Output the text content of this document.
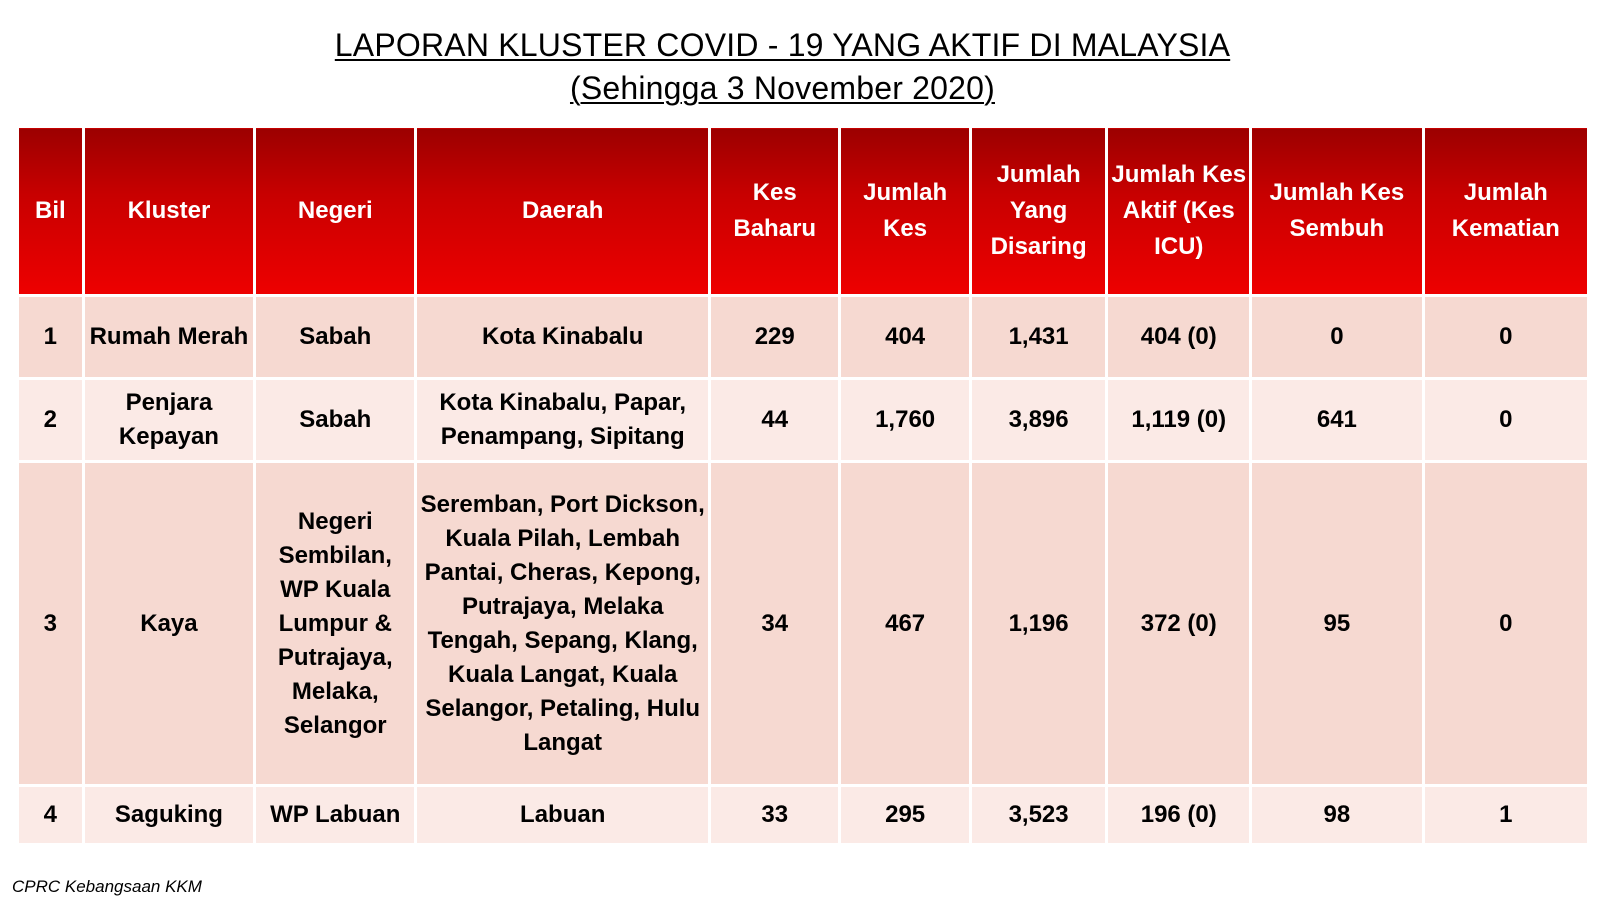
LAPORAN KLUSTER COVID - 19 YANG AKTIF DI MALAYSIA
(Sehingga 3 November 2020)
Bil	Kluster	Negeri	Daerah	Kes Baharu	Jumlah Kes	Jumlah Yang Disaring	Jumlah Kes Aktif (Kes ICU)	Jumlah Kes Sembuh	Jumlah Kematian
1	Rumah Merah	Sabah	Kota Kinabalu	229	404	1,431	404 (0)	0	0
2	Penjara Kepayan	Sabah	Kota Kinabalu, Papar, Penampang, Sipitang	44	1,760	3,896	1,119 (0)	641	0
3	Kaya	Negeri Sembilan, WP Kuala Lumpur & Putrajaya, Melaka, Selangor	Seremban, Port Dickson, Kuala Pilah, Lembah Pantai, Cheras, Kepong, Putrajaya, Melaka Tengah, Sepang, Klang, Kuala Langat, Kuala Selangor, Petaling, Hulu Langat	34	467	1,196	372 (0)	95	0
4	Saguking	WP Labuan	Labuan	33	295	3,523	196 (0)	98	1
CPRC Kebangsaan KKM
